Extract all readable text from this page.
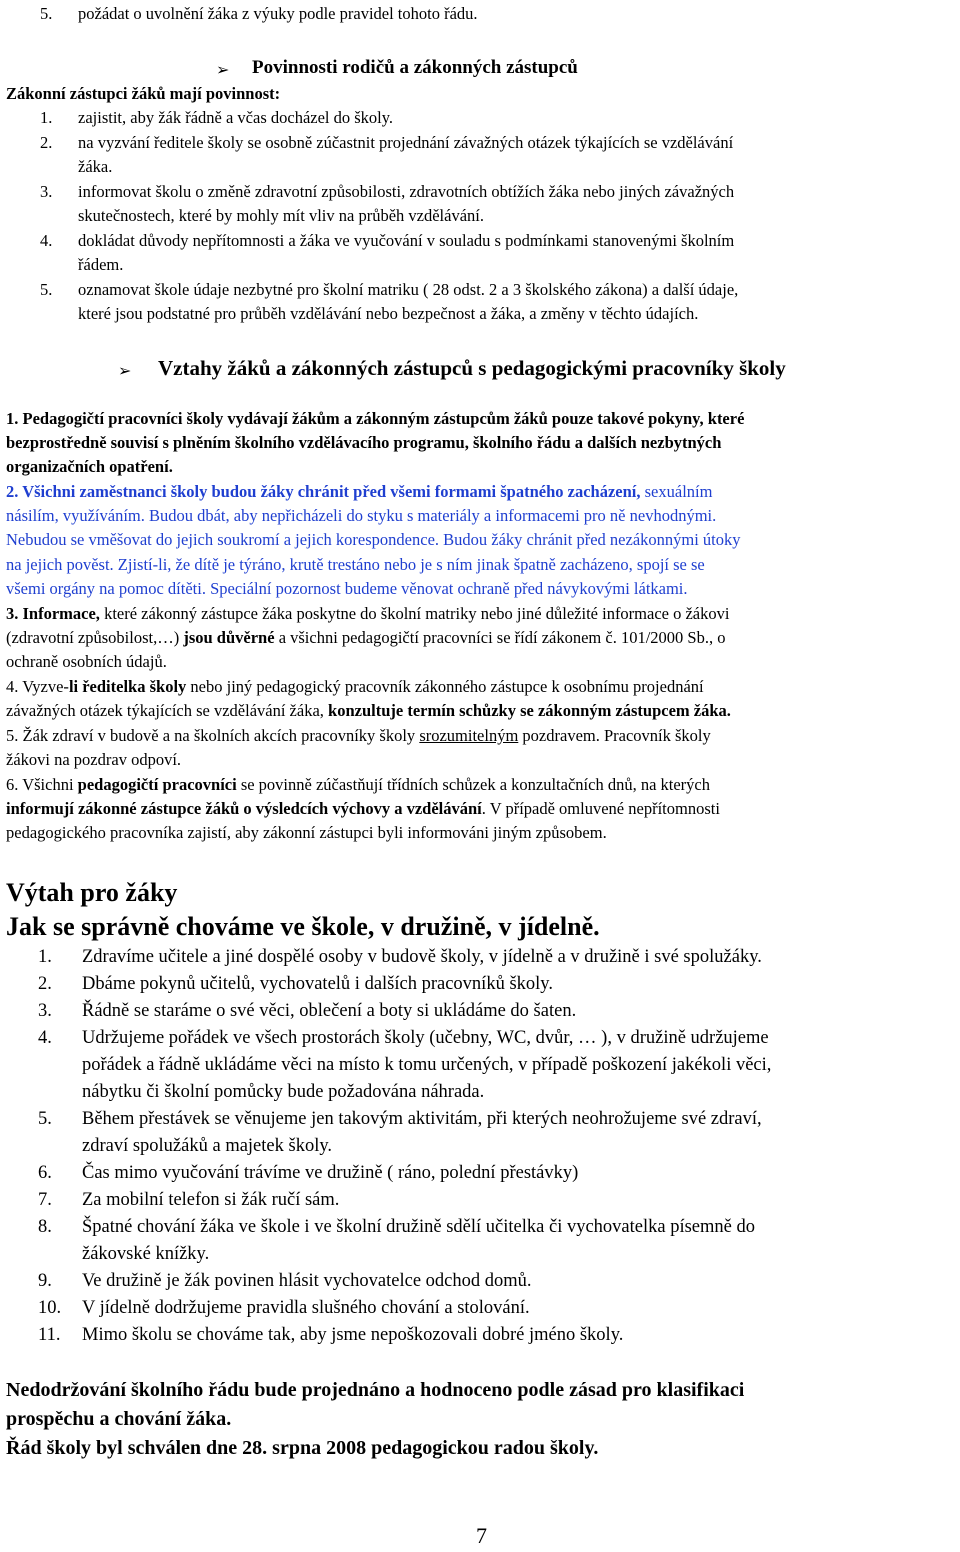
5. požádat o uvolnění žáka z výuky podle pravidel tohoto řádu.
➢ Povinnosti rodičů a zákonných zástupců
Zákonní zástupci žáků mají povinnost:
1. zajistit, aby žák řádně a včas docházel do školy.
2. na vyzvání ředitele školy se osobně zúčastnit projednání závažných otázek týkajících se vzdělávání
žáka.
3. informovat školu o změně zdravotní způsobilosti, zdravotních obtížích žáka nebo jiných závažných
skutečnostech, které by mohly mít vliv na průběh vzdělávání.
4. dokládat důvody nepřítomnosti a žáka ve vyučování v souladu s podmínkami stanovenými školním
řádem.
5. oznamovat škole údaje nezbytné pro školní matriku ( 28 odst. 2 a 3 školského zákona) a další údaje,
které jsou podstatné pro průběh vzdělávání nebo bezpečnost a žáka, a změny v těchto údajích.
➢ Vztahy žáků a zákonných zástupců s pedagogickými pracovníky školy
1. Pedagogičtí pracovníci školy vydávají žákům a zákonným zástupcům žáků pouze takové pokyny, které
bezprostředně souvisí s plněním školního vzdělávacího programu, školního řádu a dalších nezbytných
organizačních opatření.
2. Všichni zaměstnanci školy budou žáky chránit před všemi formami špatného zacházení, sexuálním
násilím, využíváním. Budou dbát, aby nepřicházeli do styku s materiály a informacemi pro ně nevhodnými.
Nebudou se vměšovat do jejich soukromí a jejich korespondence. Budou žáky chránit před nezákonnými útoky
na jejich pověst. Zjistí-li, že dítě je týráno, krutě trestáno nebo je s ním jinak špatně zacházeno, spojí se se
všemi orgány na pomoc dítěti. Speciální pozornost budeme věnovat ochraně před návykovými látkami.
3. Informace, které zákonný zástupce žáka poskytne do školní matriky nebo jiné důležité informace o žákovi
(zdravotní způsobilost,…) jsou důvěrné a všichni pedagogičtí pracovníci se řídí zákonem č. 101/2000 Sb., o
ochraně osobních údajů.
4. Vyzve-li ředitelka školy nebo jiný pedagogický pracovník zákonného zástupce k osobnímu projednání
závažných otázek týkajících se vzdělávání žáka, konzultuje termín schůzky se zákonným zástupcem žáka.
5. Žák zdraví v budově a na školních akcích pracovníky školy srozumitelným pozdravem. Pracovník školy
žákovi na pozdrav odpoví.
6. Všichni pedagogičtí pracovníci se povinně zúčastňují třídních schůzek a konzultačních dnů, na kterých
informují zákonné zástupce žáků o výsledcích výchovy a vzdělávání. V případě omluvené nepřítomnosti
pedagogického pracovníka zajistí, aby zákonní zástupci byli informováni jiným způsobem.
Výtah pro žáky
Jak se správně chováme ve škole, v družině, v jídelně.
1. Zdravíme učitele a jiné dospělé osoby v budově školy, v jídelně a v družině i své spolužáky.
2. Dbáme pokynů učitelů, vychovatelů i dalších pracovníků školy.
3. Řádně se staráme o své věci, oblečení a boty si ukládáme do šaten.
4. Udržujeme pořádek ve všech prostorách školy (učebny, WC, dvůr, … ), v družině udržujeme
pořádek a řádně ukládáme věci na místo k tomu určených, v případě poškození jakékoli věci,
nábytku či školní pomůcky bude požadována náhrada.
5. Během přestávek se věnujeme jen takovým aktivitám, při kterých neohrožujeme své zdraví,
zdraví spolužáků a majetek školy.
6. Čas mimo vyučování trávíme ve družině ( ráno, polední přestávky)
7. Za mobilní telefon si žák ručí sám.
8. Špatné chování žáka ve škole i ve školní družině sdělí učitelka či vychovatelka písemně do
žákovské knížky.
9. Ve družině je žák povinen hlásit vychovatelce odchod domů.
10. V jídelně dodržujeme pravidla slušného chování a stolování.
11. Mimo školu se chováme tak, aby jsme nepoškozovali dobré jméno školy.
Nedodržování školního řádu bude projednáno a hodnoceno podle zásad pro klasifikaci
prospěchu a chování žáka.
Řád školy byl schválen dne 28. srpna 2008 pedagogickou radou školy.
7
